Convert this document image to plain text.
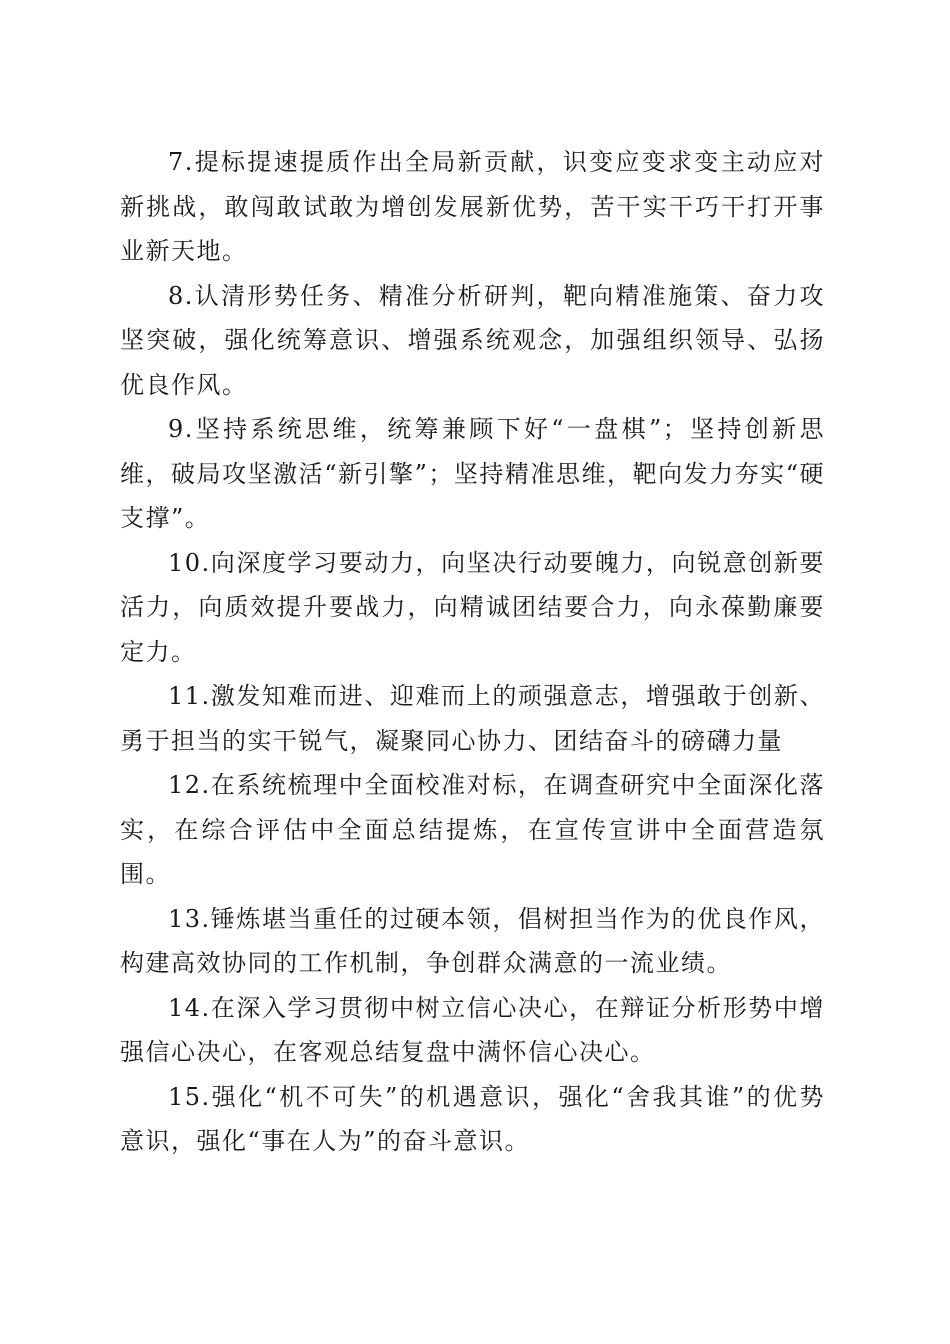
7.提标提速提质作出全局新贡献，识变应变求变主动应对新挑战，敢闯敢试敢为增创发展新优势，苦干实干巧干打开事业新天地。

8.认清形势任务、精准分析研判，靶向精准施策、奋力攻坚突破，强化统筹意识、增强系统观念，加强组织领导、弘扬优良作风。

9.坚持系统思维，统筹兼顾下好“一盘棋”；坚持创新思维，破局攻坚激活“新引擎”；坚持精准思维，靶向发力夯实“硬支撑”。

10.向深度学习要动力，向坚决行动要魄力，向锐意创新要活力，向质效提升要战力，向精诚团结要合力，向永葆勤廉要定力。

11.激发知难而进、迎难而上的顽强意志，增强敢于创新、勇于担当的实干锐气，凝聚同心协力、团结奋斗的磅礴力量

12.在系统梳理中全面校准对标，在调查研究中全面深化落实，在综合评估中全面总结提炼，在宣传宣讲中全面营造氛围。

13.锤炼堪当重任的过硬本领，倡树担当作为的优良作风，构建高效协同的工作机制，争创群众满意的一流业绩。

14.在深入学习贯彻中树立信心决心，在辩证分析形势中增强信心决心，在客观总结复盘中满怀信心决心。

15.强化“机不可失”的机遇意识，强化“舍我其谁”的优势意识，强化“事在人为”的奋斗意识。
